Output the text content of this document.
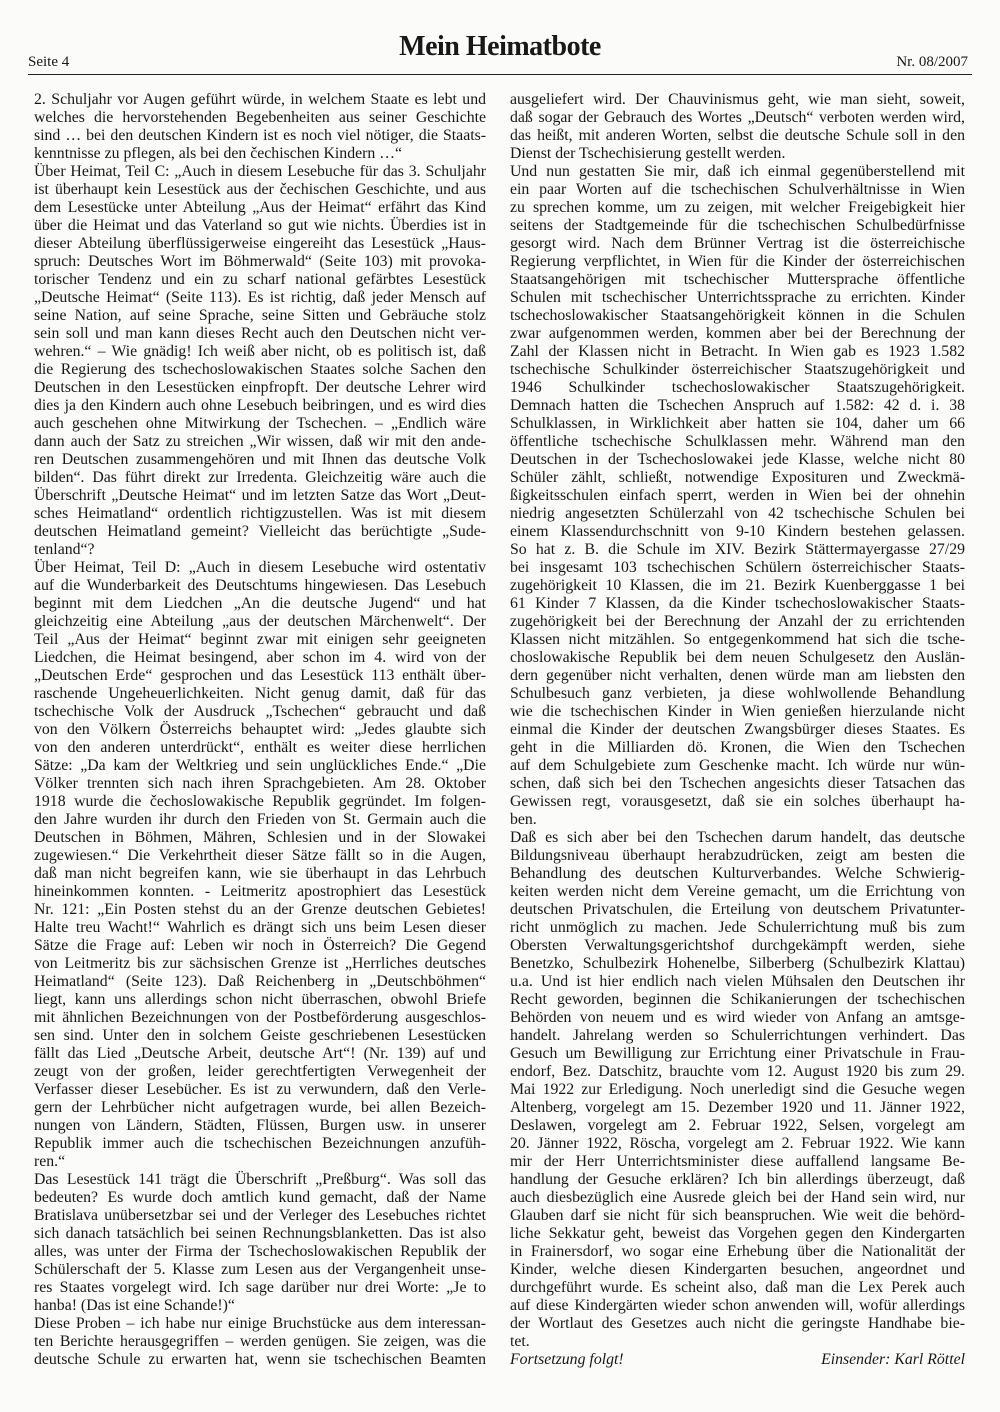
Seite 4	Mein Heimatbote	Nr. 08/2007
2. Schuljahr vor Augen geführt würde, in welchem Staate es lebt und
welches die hervorstehenden Begebenheiten aus seiner Geschichte
sind … bei den deutschen Kindern ist es noch viel nötiger, die Staats-
kenntnisse zu pflegen, als bei den čechischen Kindern …“
Über Heimat, Teil C: „Auch in diesem Lesebuche für das 3. Schuljahr
ist überhaupt kein Lesestück aus der čechischen Geschichte, und aus
dem Lesestücke unter Abteilung „Aus der Heimat“ erfährt das Kind
über die Heimat und das Vaterland so gut wie nichts. Überdies ist in
dieser Abteilung überflüssigerweise eingereiht das Lesestück „Haus-
spruch: Deutsches Wort im Böhmerwald“ (Seite 103) mit provoka-
torischer Tendenz und ein zu scharf national gefärbtes Lesestück
„Deutsche Heimat“ (Seite 113). Es ist richtig, daß jeder Mensch auf
seine Nation, auf seine Sprache, seine Sitten und Gebräuche stolz
sein soll und man kann dieses Recht auch den Deutschen nicht ver-
wehren.“ – Wie gnädig! Ich weiß aber nicht, ob es politisch ist, daß
die Regierung des tschechoslowakischen Staates solche Sachen den
Deutschen in den Lesestücken einpfropft. Der deutsche Lehrer wird
dies ja den Kindern auch ohne Lesebuch beibringen, und es wird dies
auch geschehen ohne Mitwirkung der Tschechen. – „Endlich wäre
dann auch der Satz zu streichen „Wir wissen, daß wir mit den ande-
ren Deutschen zusammengehören und mit Ihnen das deutsche Volk
bilden“. Das führt direkt zur Irredenta. Gleichzeitig wäre auch die
Überschrift „Deutsche Heimat“ und im letzten Satze das Wort „Deut-
sches Heimatland“ ordentlich richtigzustellen. Was ist mit diesem
deutschen Heimatland gemeint? Vielleicht das berüchtigte „Sude-
tenland“?
Über Heimat, Teil D: „Auch in diesem Lesebuche wird ostentativ
auf die Wunderbarkeit des Deutschtums hingewiesen. Das Lesebuch
beginnt mit dem Liedchen „An die deutsche Jugend“ und hat
gleichzeitig eine Abteilung „aus der deutschen Märchenwelt“. Der
Teil „Aus der Heimat“ beginnt zwar mit einigen sehr geeigneten
Liedchen, die Heimat besingend, aber schon im 4. wird von der
„Deutschen Erde“ gesprochen und das Lesestück 113 enthält über-
raschende Ungeheuerlichkeiten. Nicht genug damit, daß für das
tschechische Volk der Ausdruck „Tschechen“ gebraucht und daß
von den Völkern Österreichs behauptet wird: „Jedes glaubte sich
von den anderen unterdrückt“, enthält es weiter diese herrlichen
Sätze: „Da kam der Weltkrieg und sein unglückliches Ende.“ „Die
Völker trennten sich nach ihren Sprachgebieten. Am 28. Oktober
1918 wurde die čechoslowakische Republik gegründet. Im folgen-
den Jahre wurden ihr durch den Frieden von St. Germain auch die
Deutschen in Böhmen, Mähren, Schlesien und in der Slowakei
zugewiesen.“ Die Verkehrtheit dieser Sätze fällt so in die Augen,
daß man nicht begreifen kann, wie sie überhaupt in das Lehrbuch
hineinkommen konnten. - Leitmeritz apostrophiert das Lesestück
Nr. 121: „Ein Posten stehst du an der Grenze deutschen Gebietes!
Halte treu Wacht!“ Wahrlich es drängt sich uns beim Lesen dieser
Sätze die Frage auf: Leben wir noch in Österreich? Die Gegend
von Leitmeritz bis zur sächsischen Grenze ist „Herrliches deutsches
Heimatland“ (Seite 123). Daß Reichenberg in „Deutschböhmen“
liegt, kann uns allerdings schon nicht überraschen, obwohl Briefe
mit ähnlichen Bezeichnungen von der Postbeförderung ausgeschlos-
sen sind. Unter den in solchem Geiste geschriebenen Lesestücken
fällt das Lied „Deutsche Arbeit, deutsche Art“! (Nr. 139) auf und
zeugt von der großen, leider gerechtfertigten Verwegenheit der
Verfasser dieser Lesebücher. Es ist zu verwundern, daß den Verle-
gern der Lehrbücher nicht aufgetragen wurde, bei allen Bezeich-
nungen von Ländern, Städten, Flüssen, Burgen usw. in unserer
Republik immer auch die tschechischen Bezeichnungen anzufüh-
ren.“
Das Lesestück 141 trägt die Überschrift „Preßburg“. Was soll das
bedeuten? Es wurde doch amtlich kund gemacht, daß der Name
Bratislava unübersetzbar sei und der Verleger des Lesebuches richtet
sich danach tatsächlich bei seinen Rechnungsblanketten. Das ist also
alles, was unter der Firma der Tschechoslowakischen Republik der
Schülerschaft der 5. Klasse zum Lesen aus der Vergangenheit unse-
res Staates vorgelegt wird. Ich sage darüber nur drei Worte: „Je to
hanba! (Das ist eine Schande!)“
Diese Proben – ich habe nur einige Bruchstücke aus dem interessan-
ten Berichte herausgegriffen – werden genügen. Sie zeigen, was die
deutsche Schule zu erwarten hat, wenn sie tschechischen Beamten
ausgeliefert wird. Der Chauvinismus geht, wie man sieht, soweit,
daß sogar der Gebrauch des Wortes „Deutsch“ verboten werden wird,
das heißt, mit anderen Worten, selbst die deutsche Schule soll in den
Dienst der Tschechisierung gestellt werden.
Und nun gestatten Sie mir, daß ich einmal gegenüberstellend mit
ein paar Worten auf die tschechischen Schulverhältnisse in Wien
zu sprechen komme, um zu zeigen, mit welcher Freigebigkeit hier
seitens der Stadtgemeinde für die tschechischen Schulbedürfnisse
gesorgt wird. Nach dem Brünner Vertrag ist die österreichische
Regierung verpflichtet, in Wien für die Kinder der österreichischen
Staatsangehörigen mit tschechischer Muttersprache öffentliche
Schulen mit tschechischer Unterrichtssprache zu errichten. Kinder
tschechoslowakischer Staatsangehörigkeit können in die Schulen
zwar aufgenommen werden, kommen aber bei der Berechnung der
Zahl der Klassen nicht in Betracht. In Wien gab es 1923 1.582
tschechische Schulkinder österreichischer Staatszugehörigkeit und
1946 Schulkinder tschechoslowakischer Staatszugehörigkeit.
Demnach hatten die Tschechen Anspruch auf 1.582: 42 d. i. 38
Schulklassen, in Wirklichkeit aber hatten sie 104, daher um 66
öffentliche tschechische Schulklassen mehr. Während man den
Deutschen in der Tschechoslowakei jede Klasse, welche nicht 80
Schüler zählt, schließt, notwendige Exposituren und Zweckmä-
ßigkeitsschulen einfach sperrt, werden in Wien bei der ohnehin
niedrig angesetzten Schülerzahl von 42 tschechische Schulen bei
einem Klassendurchschnitt von 9-10 Kindern bestehen gelassen.
So hat z. B. die Schule im XIV. Bezirk Stättermayergasse 27/29
bei insgesamt 103 tschechischen Schülern österreichischer Staats-
zugehörigkeit 10 Klassen, die im 21. Bezirk Kuenberggasse 1 bei
61 Kinder 7 Klassen, da die Kinder tschechoslowakischer Staats-
zugehörigkeit bei der Berechnung der Anzahl der zu errichtenden
Klassen nicht mitzählen. So entgegenkommend hat sich die tsche-
choslowakische Republik bei dem neuen Schulgesetz den Auslän-
dern gegenüber nicht verhalten, denen würde man am liebsten den
Schulbesuch ganz verbieten, ja diese wohlwollende Behandlung
wie die tschechischen Kinder in Wien genießen hierzulande nicht
einmal die Kinder der deutschen Zwangsbürger dieses Staates. Es
geht in die Milliarden dö. Kronen, die Wien den Tschechen
auf dem Schulgebiete zum Geschenke macht. Ich würde nur wün-
schen, daß sich bei den Tschechen angesichts dieser Tatsachen das
Gewissen regt, vorausgesetzt, daß sie ein solches überhaupt ha-
ben.
Daß es sich aber bei den Tschechen darum handelt, das deutsche
Bildungsniveau überhaupt herabzudrücken, zeigt am besten die
Behandlung des deutschen Kulturverbandes. Welche Schwierig-
keiten werden nicht dem Vereine gemacht, um die Errichtung von
deutschen Privatschulen, die Erteilung von deutschem Privatunter-
richt unmöglich zu machen. Jede Schulerrichtung muß bis zum
Obersten Verwaltungsgerichtshof durchgekämpft werden, siehe
Benetzko, Schulbezirk Hohenelbe, Silberberg (Schulbezirk Klattau)
u.a. Und ist hier endlich nach vielen Mühsalen den Deutschen ihr
Recht geworden, beginnen die Schikanierungen der tschechischen
Behörden von neuem und es wird wieder von Anfang an amtsge-
handelt. Jahrelang werden so Schulerrichtungen verhindert. Das
Gesuch um Bewilligung zur Errichtung einer Privatschule in Frau-
endorf, Bez. Datschitz, brauchte vom 12. August 1920 bis zum 29.
Mai 1922 zur Erledigung. Noch unerledigt sind die Gesuche wegen
Altenberg, vorgelegt am 15. Dezember 1920 und 11. Jänner 1922,
Deslawen, vorgelegt am 2. Februar 1922, Selsen, vorgelegt am
20. Jänner 1922, Röscha, vorgelegt am 2. Februar 1922. Wie kann
mir der Herr Unterrichtsminister diese auffallend langsame Be-
handlung der Gesuche erklären? Ich bin allerdings überzeugt, daß
auch diesbezüglich eine Ausrede gleich bei der Hand sein wird, nur
Glauben darf sie nicht für sich beanspruchen. Wie weit die behörd-
liche Sekkatur geht, beweist das Vorgehen gegen den Kindergarten
in Frainersdorf, wo sogar eine Erhebung über die Nationalität der
Kinder, welche diesen Kindergarten besuchen, angeordnet und
durchgeführt wurde. Es scheint also, daß man die Lex Perek auch
auf diese Kindergärten wieder schon anwenden will, wofür allerdings
der Wortlaut des Gesetzes auch nicht die geringste Handhabe bie-
tet.
Fortsetzung folgt!	Einsender: Karl Röttel
